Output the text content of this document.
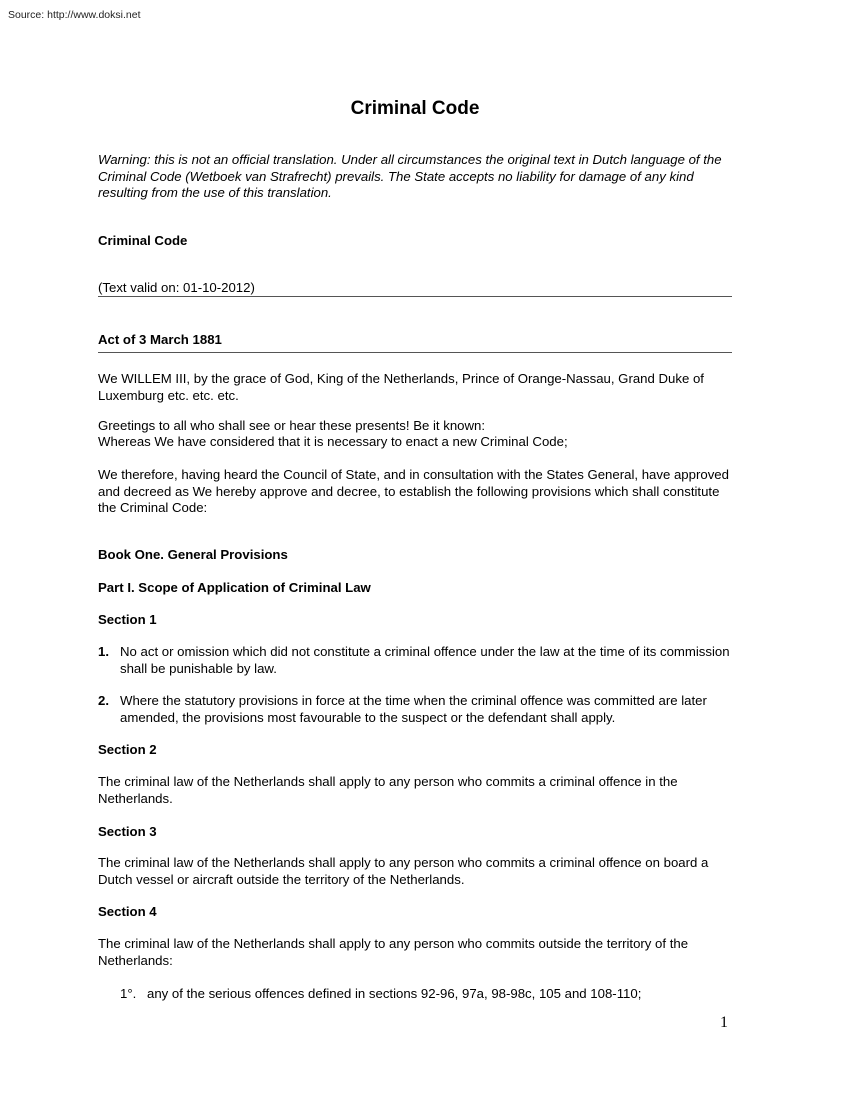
Source: http://www.doksi.net
Criminal Code
Warning: this is not an official translation. Under all circumstances the original text in Dutch language of the Criminal Code (Wetboek van Strafrecht) prevails. The State accepts no liability for damage of any kind resulting from the use of this translation.
Criminal Code
(Text valid on: 01-10-2012)
Act of 3 March 1881
We WILLEM III, by the grace of God, King of the Netherlands, Prince of Orange-Nassau, Grand Duke of Luxemburg etc. etc. etc.
Greetings to all who shall see or hear these presents! Be it known:
Whereas We have considered that it is necessary to enact a new Criminal Code;
We therefore, having heard the Council of State, and in consultation with the States General, have approved and decreed as We hereby approve and decree, to establish the following provisions which shall constitute the Criminal Code:
Book One. General Provisions
Part I. Scope of Application of Criminal Law
Section 1
1. No act or omission which did not constitute a criminal offence under the law at the time of its commission shall be punishable by law.
2. Where the statutory provisions in force at the time when the criminal offence was committed are later amended, the provisions most favourable to the suspect or the defendant shall apply.
Section 2
The criminal law of the Netherlands shall apply to any person who commits a criminal offence in the Netherlands.
Section 3
The criminal law of the Netherlands shall apply to any person who commits a criminal offence on board a Dutch vessel or aircraft outside the territory of the Netherlands.
Section 4
The criminal law of the Netherlands shall apply to any person who commits outside the territory of the Netherlands:
1°. any of the serious offences defined in sections 92-96, 97a, 98-98c, 105 and 108-110;
1
